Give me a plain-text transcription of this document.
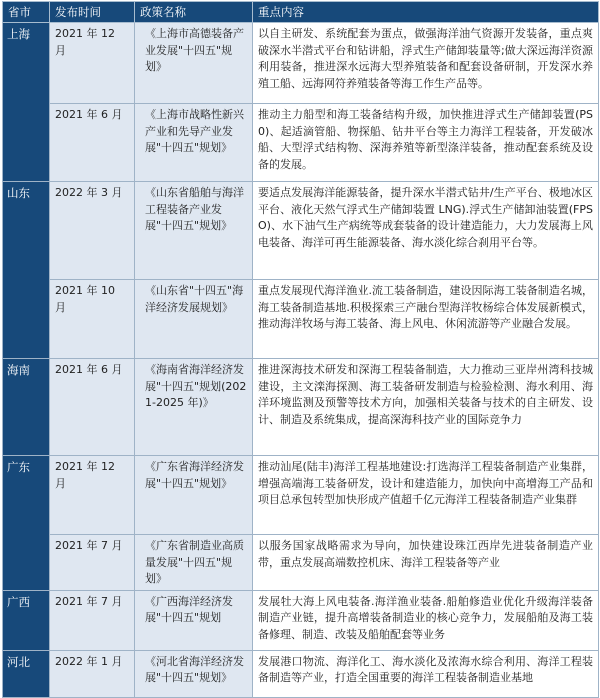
省市	发布时间	政策名称	重点内容
上海	2021 年 12 月	《上海市高德装备产业发展"十四五"规划》	以自主研发、系统配套为蛋点，做强海洋油气资源开发装备，重点爽破深水半潜式平台和钻讲船，浮式生产储卸装量等;做大深远海洋资源利用装备，推进深水远海大型养殖装备和配套设备研制，开发深水养殖工船、远海网符养殖装备等海工作生产品等。
	2021 年 6 月	《上海市战略性新兴产业和先导产业发展"十四五"规划》	推动主力船型和海工装备结构升级，加快推进浮式生产储卸装置(PS0)、起适滴管船、物探船、钻井平台等主力海洋工程装备，开发破冰船、大型浮式结构物、深海养殖等新型涤洋装备，推动配套系统及设备的发展。
山东	2022 年 3 月	《山东省船舶与海洋工程装备产业发展"十四五"规划》	要适点发展海洋能源装备，提升深水半潜式钻井/生产平台、极地冰区平台、液化天然气浮式生产储卸装置 LNG).浮式生产储卸油装置(FPSO)、水下油气生产病统等成套装备的设计建造能力，大力发展海上风电装备、海洋可再生能源装备、海水淡化综合刹用平台等。
	2021 年 10 月	《山东省"十四五"海洋经济发展规划》	重点发展现代海洋渔业.流工装备制造，建设因际海工装备制造名城，海工装备制造基地.积极探索三产融台型海洋牧杨综合体发展新模式，推动海洋牧场与海工装备、海上风电、休闲流游等产业融合发展。
海南	2021 年 6 月	《海南省海洋经济发展"十四五"规划(2021-2025 年)》	推进深海技术研发和深海工程装备制造，大力推动三亚岸州湾科技城建设，主文滦海探测、海工装备研发制造与检验检测、海水利用、海洋环境监测及预警等技术方向，加强相关装备与技术的自主研发、设计、制造及系统集成，提高深海科技产业的国际竞争力
广东	2021 年 12 月	《广东省海洋经济发展"十四五"规划》	推动汕尾(陆丰)海洋工程基地建设:打选海洋工程装备制造产业集群，增强高端海工装备研发，设计和建造能力，加快向中高增海工产品和项目总承包转型加快形成产值超千亿元海洋工程装备制造产业集群
	2021 年 7 月	《广东省制造业高质量发展"十四五"规划》	以服务国家战略需求为导向，加快建设珠江西岸先进装备制造产业带，重点发展高端数控机床、海洋工程装备等产业
广西	2021 年 7 月	《广西海洋经济发展"十四五"规划	发展牡大海上风电装备.海洋渔业装备.船舶修造业优化升级海洋装备制造产业链，提升高增装备制造业的核心竞争力，发展船舶及海工装备修理、制造、改装及船舶配套等业务
河北	2022 年 1 月	《河北省海洋经济发展"十四五"规划》	发展港口物流、海洋化工、海水淡化及浓海水综合利用、海洋工程装备制造等产业，打造全国重要的海洋工程装备制造业基地
